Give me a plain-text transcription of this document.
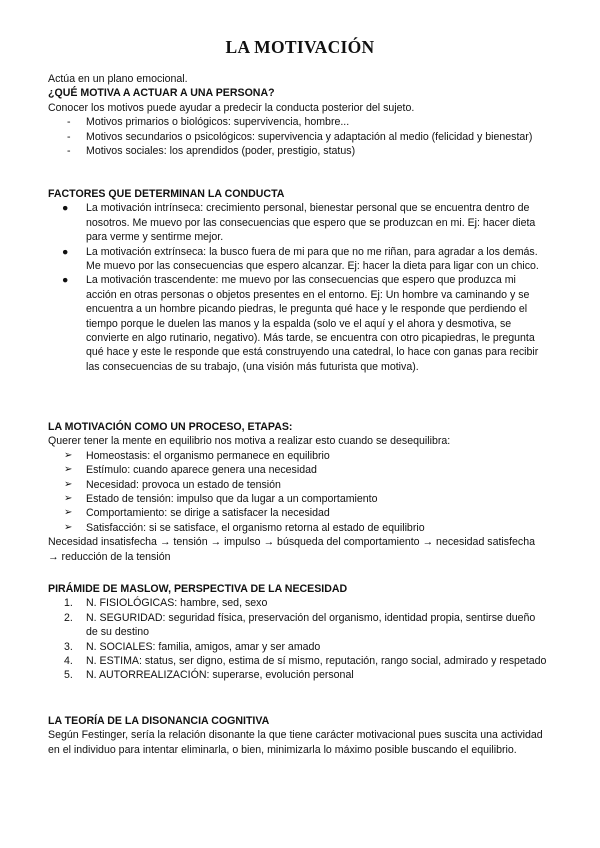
LA MOTIVACIÓN

Actúa en un plano emocional.

¿QUÉ MOTIVA A ACTUAR A UNA PERSONA?

Conocer los motivos puede ayudar a predecir la conducta posterior del sujeto.

-	Motivos primarios o biológicos: supervivencia, hombre...
-	Motivos secundarios o psicológicos: supervivencia y adaptación al medio (felicidad y bienestar)
-	Motivos sociales: los aprendidos (poder, prestigio, status)

FACTORES QUE DETERMINAN LA CONDUCTA

●	La motivación intrínseca: crecimiento personal, bienestar personal que se encuentra dentro de nosotros. Me muevo por las consecuencias que espero que se produzcan en mi. Ej: hacer dieta para verme y sentirme mejor.
●	La motivación extrínseca: la busco fuera de mi para que no me riñan, para agradar a los demás. Me muevo por las consecuencias que espero alcanzar. Ej: hacer la dieta para ligar con un chico.
●	La motivación trascendente: me muevo por las consecuencias que espero que produzca mi acción en otras personas o objetos presentes en el entorno. Ej: Un hombre va caminando y se encuentra a un hombre picando piedras, le pregunta qué hace y le responde que perdiendo el tiempo porque le duelen las manos y la espalda (solo ve el aquí y el ahora y desmotiva, se convierte en algo rutinario, negativo). Más tarde, se encuentra con otro picapiedras, le pregunta qué hace y este le responde que está construyendo una catedral, lo hace con ganas para recibir las consecuencias de su trabajo, (una visión más futurista que motiva).

LA MOTIVACIÓN COMO UN PROCESO, ETAPAS:

Querer tener la mente en equilibrio nos motiva a realizar esto cuando se desequilibra:

➢	Homeostasis: el organismo permanece en equilibrio
➢	Estímulo: cuando aparece genera una necesidad
➢	Necesidad: provoca un estado de tensión
➢	Estado de tensión: impulso que da lugar a un comportamiento
➢	Comportamiento: se dirige a satisfacer la necesidad
➢	Satisfacción: si se satisface, el organismo retorna al estado de equilibrio

Necesidad insatisfecha → tensión → impulso → búsqueda del comportamiento → necesidad satisfecha → reducción de la tensión

PIRÁMIDE DE MASLOW, PERSPECTIVA DE LA NECESIDAD

1.	N. FISIOLÓGICAS: hambre, sed, sexo
2.	N. SEGURIDAD: seguridad física, preservación del organismo, identidad propia, sentirse dueño de su destino
3.	N. SOCIALES: familia, amigos, amar y ser amado
4.	N. ESTIMA: status, ser digno, estima de sí mismo, reputación, rango social, admirado y respetado
5.	N. AUTORREALIZACIÓN: superarse, evolución personal

LA TEORÍA DE LA DISONANCIA COGNITIVA

Según Festinger, sería la relación disonante la que tiene carácter motivacional pues suscita una actividad en el individuo para intentar eliminarla, o bien, minimizarla lo máximo posible buscando el equilibrio.
